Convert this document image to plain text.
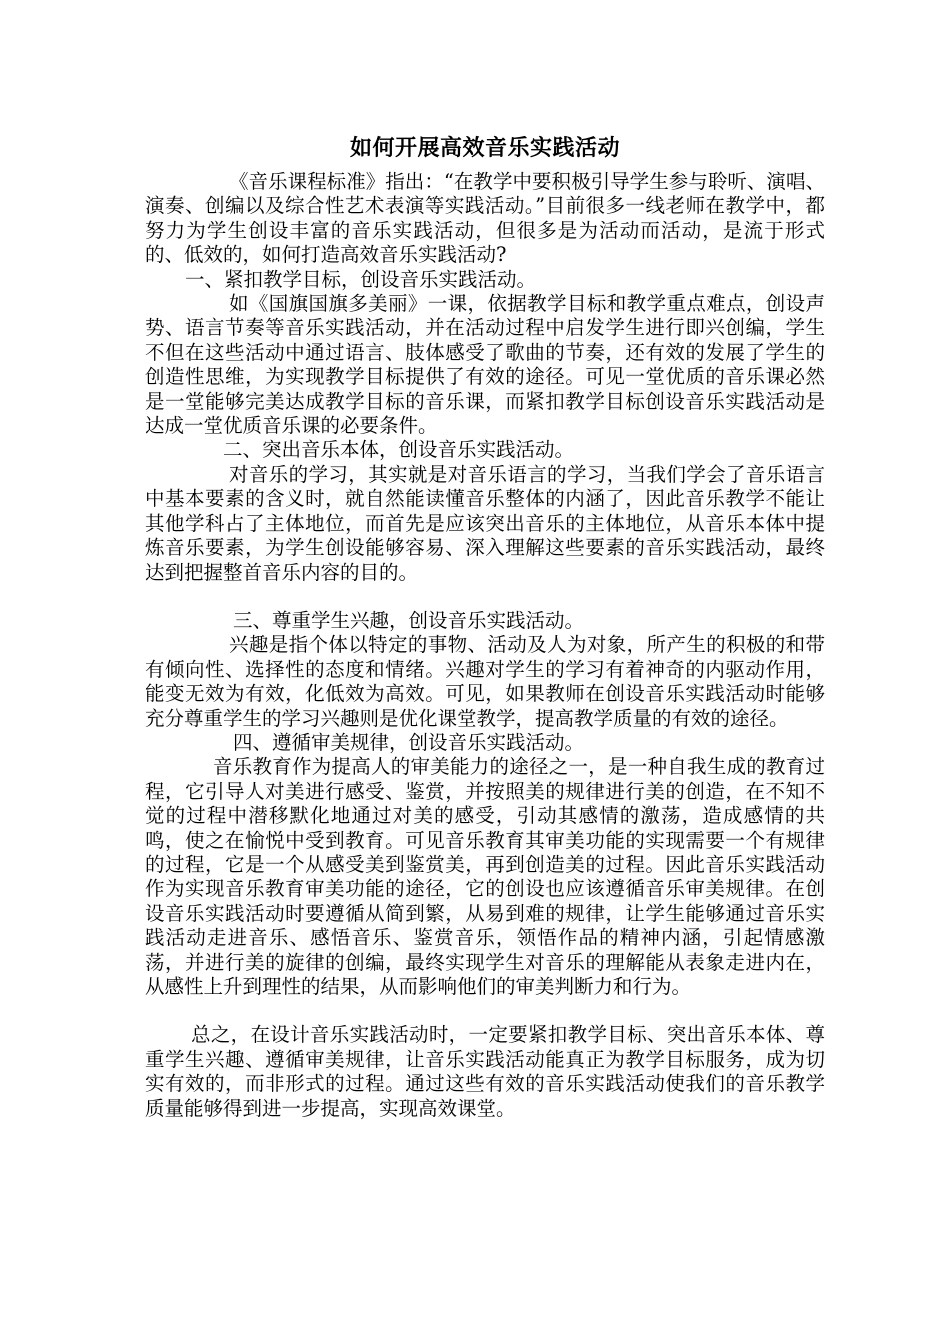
如何开展高效音乐实践活动

《音乐课程标准》指出：“在教学中要积极引导学生参与聆听、演唱、演奏、创编以及综合性艺术表演等实践活动。”目前很多一线老师在教学中，都努力为学生创设丰富的音乐实践活动，但很多是为活动而活动，是流于形式的、低效的，如何打造高效音乐实践活动?

一、紧扣教学目标，创设音乐实践活动。

如《国旗国旗多美丽》一课，依据教学目标和教学重点难点，创设声势、语言节奏等音乐实践活动，并在活动过程中启发学生进行即兴创编，学生不但在这些活动中通过语言、肢体感受了歌曲的节奏，还有效的发展了学生的创造性思维，为实现教学目标提供了有效的途径。可见一堂优质的音乐课必然是一堂能够完美达成教学目标的音乐课，而紧扣教学目标创设音乐实践活动是达成一堂优质音乐课的必要条件。

二、突出音乐本体，创设音乐实践活动。

对音乐的学习，其实就是对音乐语言的学习，当我们学会了音乐语言中基本要素的含义时，就自然能读懂音乐整体的内涵了，因此音乐教学不能让其他学科占了主体地位，而首先是应该突出音乐的主体地位，从音乐本体中提炼音乐要素，为学生创设能够容易、深入理解这些要素的音乐实践活动，最终达到把握整首音乐内容的目的。

三、尊重学生兴趣，创设音乐实践活动。

兴趣是指个体以特定的事物、活动及人为对象，所产生的积极的和带有倾向性、选择性的态度和情绪。兴趣对学生的学习有着神奇的内驱动作用，能变无效为有效，化低效为高效。可见，如果教师在创设音乐实践活动时能够充分尊重学生的学习兴趣则是优化课堂教学，提高教学质量的有效的途径。

四、遵循审美规律，创设音乐实践活动。

音乐教育作为提高人的审美能力的途径之一，是一种自我生成的教育过程，它引导人对美进行感受、鉴赏，并按照美的规律进行美的创造，在不知不觉的过程中潜移默化地通过对美的感受，引动其感情的激荡，造成感情的共鸣，使之在愉悦中受到教育。可见音乐教育其审美功能的实现需要一个有规律的过程，它是一个从感受美到鉴赏美，再到创造美的过程。因此音乐实践活动作为实现音乐教育审美功能的途径，它的创设也应该遵循音乐审美规律。在创设音乐实践活动时要遵循从简到繁，从易到难的规律，让学生能够通过音乐实践活动走进音乐、感悟音乐、鉴赏音乐，领悟作品的精神内涵，引起情感激荡，并进行美的旋律的创编，最终实现学生对音乐的理解能从表象走进内在，从感性上升到理性的结果，从而影响他们的审美判断力和行为。

总之，在设计音乐实践活动时，一定要紧扣教学目标、突出音乐本体、尊重学生兴趣、遵循审美规律，让音乐实践活动能真正为教学目标服务，成为切实有效的，而非形式的过程。通过这些有效的音乐实践活动使我们的音乐教学质量能够得到进一步提高，实现高效课堂。
